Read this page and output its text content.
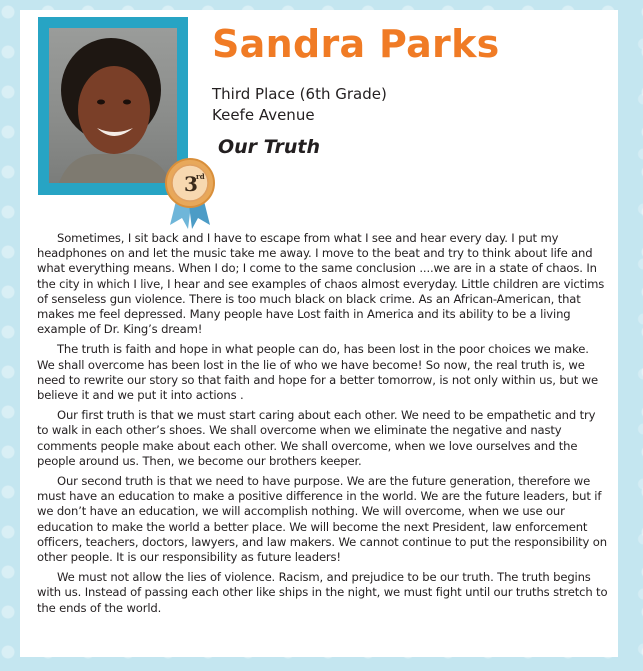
3
rd
Sandra Parks
Third Place (6th Grade)
Keefe Avenue
Our Truth

Sometimes, I sit back and I have to escape from what I see and hear every day. I put my headphones on and let the music take me away. I move to the beat and try to think about life and what everything means. When I do; I come to the same conclusion ....we are in a state of chaos. In the city in which I live, I hear and see examples of chaos almost everyday. Little children are victims of senseless gun violence. There is too much black on black crime. As an African-American, that makes me feel depressed. Many people have Lost faith in America and its ability to be a living example of Dr. King’s dream!

The truth is faith and hope in what people can do, has been lost in the poor choices we make. We shall overcome has been lost in the lie of who we have become! So now, the real truth is, we need to rewrite our story so that faith and hope for a better tomorrow, is not only within us, but we believe it and we put it into actions .

Our first truth is that we must start caring about each other. We need to be empathetic and try to walk in each other’s shoes. We shall overcome when we eliminate the negative and nasty comments people make about each other. We shall overcome, when we love ourselves and the people around us. Then, we become our brothers keeper.

Our second truth is that we need to have purpose. We are the future generation, therefore we must have an education to make a positive difference in the world. We are the future leaders, but if we don’t have an education, we will accomplish nothing. We will overcome, when we use our education to make the world a better place. We will become the next President, law enforcement officers, teachers, doctors, lawyers, and law makers. We cannot continue to put the responsibility on other people. It is our responsibility as future leaders!

We must not allow the lies of violence. Racism, and prejudice to be our truth. The truth begins with us. Instead of passing each other like ships in the night, we must fight until our truths stretch to the ends of the world.
